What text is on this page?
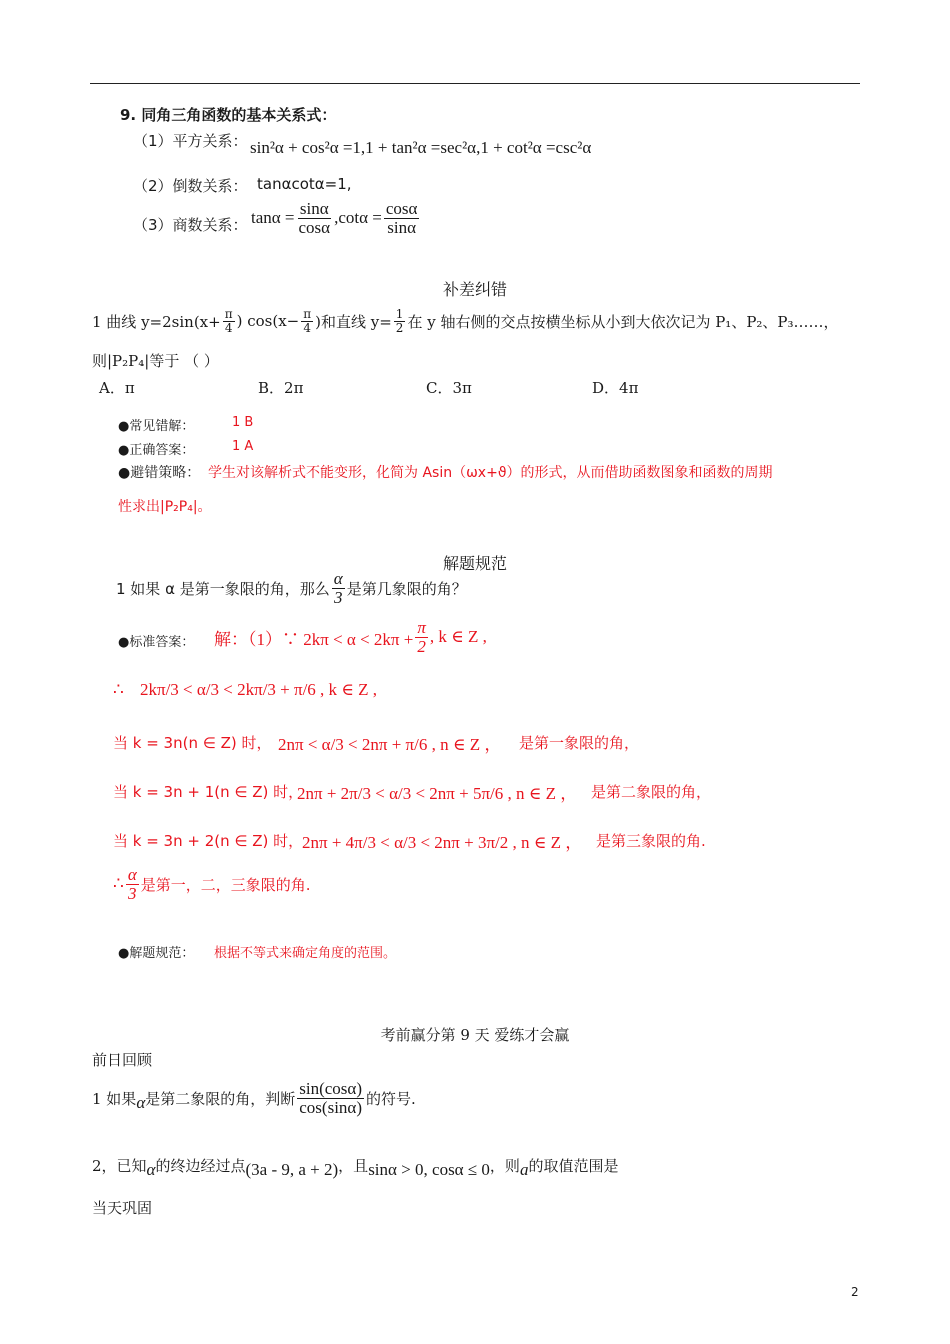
9. 同角三角函数的基本关系式：
（1）平方关系： sin²α + cos²α =1,1 + tan²α =sec²α,1 + cot²α =csc²α
（2）倒数关系： tanαcotα=1,
（3）商数关系： $\tan\alpha = \frac{\sin\alpha}{\cos\alpha} ,\cot\alpha = \frac{\cos\alpha}{\sin\alpha}$
补差纠错
1 曲线 $y=2\sin(x+ \frac{\pi}{4}$ ) $\cos(x- \frac{\pi}{4}$ )和直线 $y= \frac{1}{2}$ 在 y 轴右侧的交点按横坐标从小到大依次记为 P₁、P₂、P₃……，
则|P₂P₄|等于 （ ）
A．π	B．2π	C．3π	D．4π
●常见错解：	1 B
●正确答案：	1 A
●避错策略： 学生对该解析式不能变形，化简为 Asin（ωx+ϑ）的形式，从而借助函数图象和函数的周期
性求出|P₂P₄|。
解题规范
1 如果 α 是第一象限的角，那么 $\frac{\alpha}{3}$ 是第几象限的角？
●标准答案： 解：（1）∵ $2k\pi < \alpha < 2k\pi + \frac{\pi}{2}$ , k ∈ Z ,
∴ 2kπ/3 < α/3 < 2kπ/3 + π/6 , k ∈ Z ,
当 k = 3n(n ∈ Z) 时， 2nπ < α/3 < 2nπ + π/6 , n ∈ Z ， 是第一象限的角，
当 k = 3n + 1(n ∈ Z) 时，
2nπ + 2π/3 < α/3 < 2nπ + 5π/6 , n ∈ Z ， 是第二象限的角，
当 k = 3n + 2(n ∈ Z) 时，
2nπ + 4π/3 < α/3 < 2nπ + 3π/2 , n ∈ Z ， 是第三象限的角.
∴ $\frac{\alpha}{3}$ 是第一，二，三象限的角.
●解题规范： 根据不等式来确定角度的范围。
考前赢分第 9 天 爱练才会赢
前日回顾
1 如果 α 是第二象限的角，判断 $\frac{\sin(\cos\alpha)}{\cos(\sin\alpha)}$ 的符号.
2，已知 α 的终边经过点 (3a - 9, a + 2) ，且 sinα > 0, cosα ≤ 0 ，则 a 的取值范围是
当天巩固
2
